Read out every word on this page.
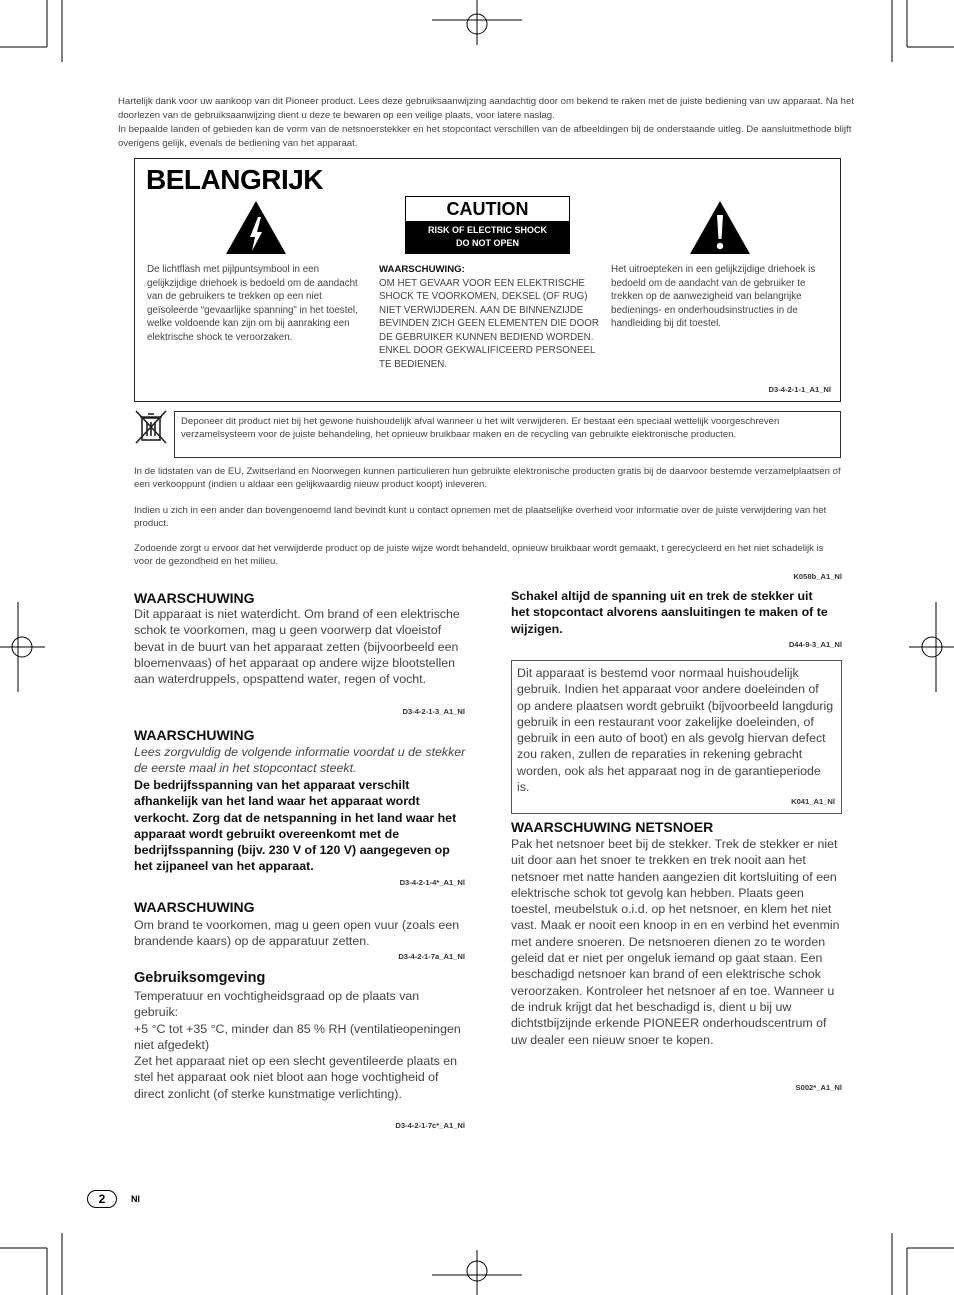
Hartelijk dank voor uw aankoop van dit Pioneer product. Lees deze gebruiksaanwijzing aandachtig door om bekend te raken met de juiste bediening van uw apparaat. Na het doorlezen van de gebruiksaanwijzing dient u deze te bewaren op een veilige plaats, voor latere naslag.

In bepaalde landen of gebieden kan de vorm van de netsnoerstekker en het stopcontact verschillen van de afbeeldingen bij de onderstaande uitleg. De aansluitmethode blijft overigens gelijk, evenals de bediening van het apparaat.

BELANGRIJK
CAUTION
RISK OF ELECTRIC SHOCK
DO NOT OPEN
De lichtflash met pijlpuntsymbool in een gelijkzijdige driehoek is bedoeld om de aandacht van de gebruikers te trekken op een niet geïsoleerde “gevaarlijke spanning” in het toestel, welke voldoende kan zijn om bij aanraking een elektrische shock te veroorzaken.
WAARSCHUWING:
OM HET GEVAAR VOOR EEN ELEKTRISCHE SHOCK TE VOORKOMEN, DEKSEL (OF RUG) NIET VERWIJDEREN. AAN DE BINNENZIJDE BEVINDEN ZICH GEEN ELEMENTEN DIE DOOR DE GEBRUIKER KUNNEN BEDIEND WORDEN. ENKEL DOOR GEKWALIFICEERD PERSONEEL TE BEDIENEN.
Het uitroepteken in een gelijkzijdige driehoek is bedoeld om de aandacht van de gebruiker te trekken op de aanwezigheid van belangrijke bedienings- en onderhoudsinstructies in de handleiding bij dit toestel.
D3-4-2-1-1_A1_Nl
Deponeer dit product niet bij het gewone huishoudelijk afval wanneer u het wilt verwijderen. Er bestaat een speciaal wettelijk voorgeschreven verzamelsysteem voor de juiste behandeling, het opnieuw bruikbaar maken en de recycling van gebruikte elektronische producten.
In de lidstaten van de EU, Zwitserland en Noorwegen kunnen particulieren hun gebruikte elektronische producten gratis bij de daarvoor bestemde verzamelplaatsen of een verkooppunt (indien u aldaar een gelijkwaardig nieuw product koopt) inleveren.
Indien u zich in een ander dan bovengenoemd land bevindt kunt u contact opnemen met de plaatselijke overheid voor informatie over de juiste verwijdering van het product.
Zodoende zorgt u ervoor dat het verwijderde product op de juiste wijze wordt behandeld, opnieuw bruikbaar wordt gemaakt, t gerecycleerd en het niet schadelijk is voor de gezondheid en het milieu.
K058b_A1_Nl
WAARSCHUWING
Dit apparaat is niet waterdicht. Om brand of een elektrische schok te voorkomen, mag u geen voorwerp dat vloeistof bevat in de buurt van het apparaat zetten (bijvoorbeeld een bloemenvaas) of het apparaat op andere wijze blootstellen aan waterdruppels, opspattend water, regen of vocht.
D3-4-2-1-3_A1_Nl
WAARSCHUWING
Lees zorgvuldig de volgende informatie voordat u de stekker de eerste maal in het stopcontact steekt.
De bedrijfsspanning van het apparaat verschilt afhankelijk van het land waar het apparaat wordt verkocht. Zorg dat de netspanning in het land waar het apparaat wordt gebruikt overeenkomt met de bedrijfsspanning (bijv. 230 V of 120 V) aangegeven op het zijpaneel van het apparaat.
D3-4-2-1-4*_A1_Nl
WAARSCHUWING
Om brand te voorkomen, mag u geen open vuur (zoals een brandende kaars) op de apparatuur zetten.
D3-4-2-1-7a_A1_Nl
Gebruiksomgeving
Temperatuur en vochtigheidsgraad op de plaats van gebruik:
+5 °C tot +35 °C, minder dan 85 % RH (ventilatieopeningen niet afgedekt)
Zet het apparaat niet op een slecht geventileerde plaats en stel het apparaat ook niet bloot aan hoge vochtigheid of direct zonlicht (of sterke kunstmatige verlichting).
D3-4-2-1-7c*_A1_Nl
Schakel altijd de spanning uit en trek de stekker uit het stopcontact alvorens aansluitingen te maken of te wijzigen.
D44-9-3_A1_Nl
Dit apparaat is bestemd voor normaal huishoudelijk gebruik. Indien het apparaat voor andere doeleinden of op andere plaatsen wordt gebruikt (bijvoorbeeld langdurig gebruik in een restaurant voor zakelijke doeleinden, of gebruik in een auto of boot) en als gevolg hiervan defect zou raken, zullen de reparaties in rekening gebracht worden, ook als het apparaat nog in de garantieperiode is.
K041_A1_Nl
WAARSCHUWING NETSNOER
Pak het netsnoer beet bij de stekker. Trek de stekker er niet uit door aan het snoer te trekken en trek nooit aan het netsnoer met natte handen aangezien dit kortsluiting of een elektrische schok tot gevolg kan hebben. Plaats geen toestel, meubelstuk o.i.d. op het netsnoer, en klem het niet vast. Maak er nooit een knoop in en en verbind het evenmin met andere snoeren. De netsnoeren dienen zo te worden geleid dat er niet per ongeluk iemand op gaat staan. Een beschadigd netsnoer kan brand of een elektrische schok veroorzaken. Kontroleer het netsnoer af en toe. Wanneer u de indruk krijgt dat het beschadigd is, dient u bij uw dichtstbijzijnde erkende PIONEER onderhoudscentrum of uw dealer een nieuw snoer te kopen.
S002*_A1_Nl
2	Nl
